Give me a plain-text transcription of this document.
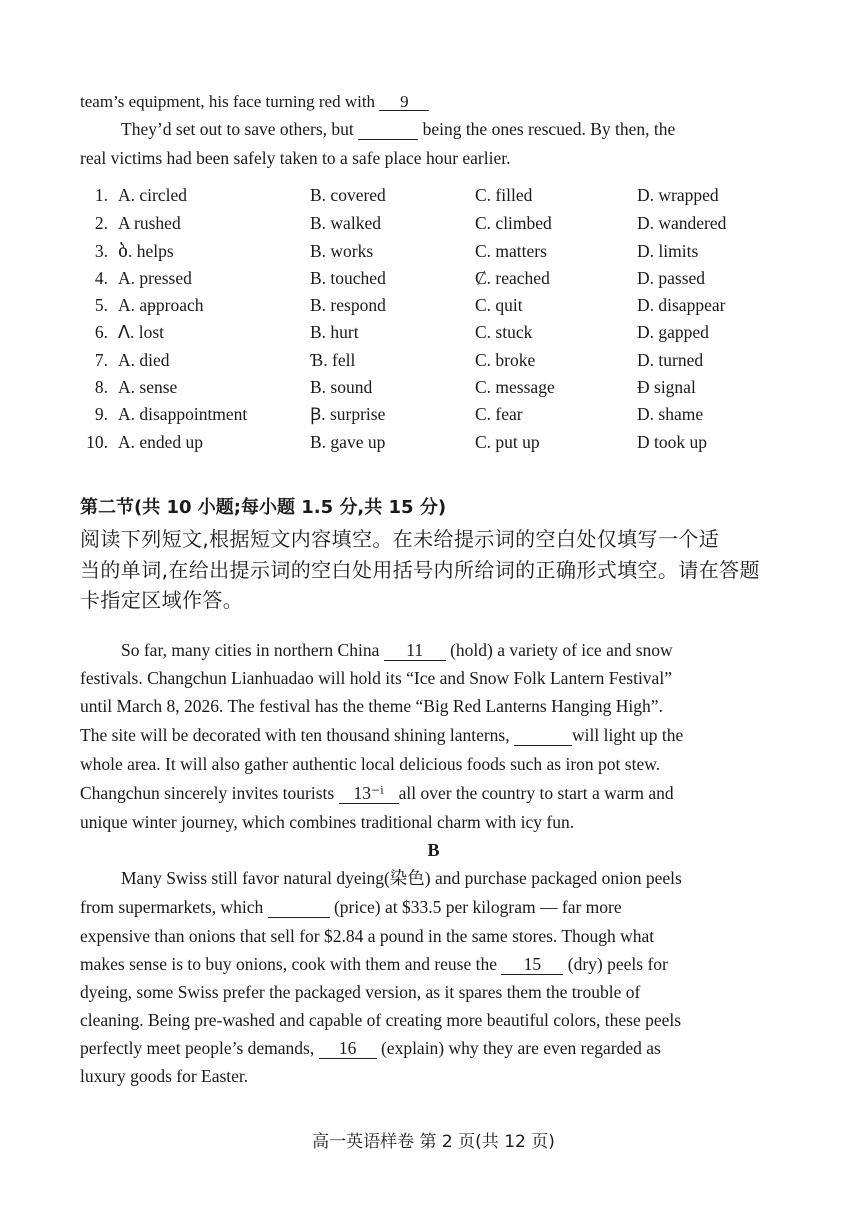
team’s equipment, his face turning red with 9
They’d set out to save others, but	being the ones rescued. By then, the
real victims had been safely taken to a safe place hour earlier.
1. A. circled	B. covered	C. filled	D. wrapped
2. A rushed	B. walked	C. climbed	D. wandered
3. ბ. helps	B. works	C. matters	D. limits
4. A. pressed	B. touched	Ȼ. reached	D. passed
5. A. aᵽproach	B. respond	C. quit	D. disappear
6. ᐱ. lost	B. hurt	C. stuck	D. gapped
7. A. died	Ɓ. fell	C. broke	D. turned
8. A. sense	B. sound	C. message	Ɖ signal
9. A. disappointment	Ꞵ. surprise	C. fear	D. shame
10. A. ended up	B. gave up	C. put up	D took up
第二节(共 10 小题;每小题 1.5 分,共 15 分)
阅读下列短文,根据短文内容填空。在未给提示词的空白处仅填写一个适
当的单词,在给出提示词的空白处用括号内所给词的正确形式填空。请在答题
卡指定区域作答。
So far, many cities in northern China 11 (hold) a variety of ice and snow
festivals. Changchun Lianhuadao will hold its “Ice and Snow Folk Lantern Festival”
until March 8, 2026. The festival has the theme “Big Red Lanterns Hanging High”.
The site will be decorated with ten thousand shining lanterns,	will light up the
whole area. It will also gather authentic local delicious foods such as iron pot stew.
Changchun sincerely invites tourists 13⁻ⁱ all over the country to start a warm and
unique winter journey, which combines traditional charm with icy fun.
B
Many Swiss still favor natural dyeing(染色) and purchase packaged onion peels
from supermarkets, which	(price) at $33.5 per kilogram — far more
expensive than onions that sell for $2.84 a pound in the same stores. Though what
makes sense is to buy onions, cook with them and reuse the 15 (dry) peels for
dyeing, some Swiss prefer the packaged version, as it spares them the trouble of
cleaning. Being pre-washed and capable of creating more beautiful colors, these peels
perfectly meet people’s demands, 16 (explain) why they are even regarded as
luxury goods for Easter.
高一英语样卷 第 2 页(共 12 页)
